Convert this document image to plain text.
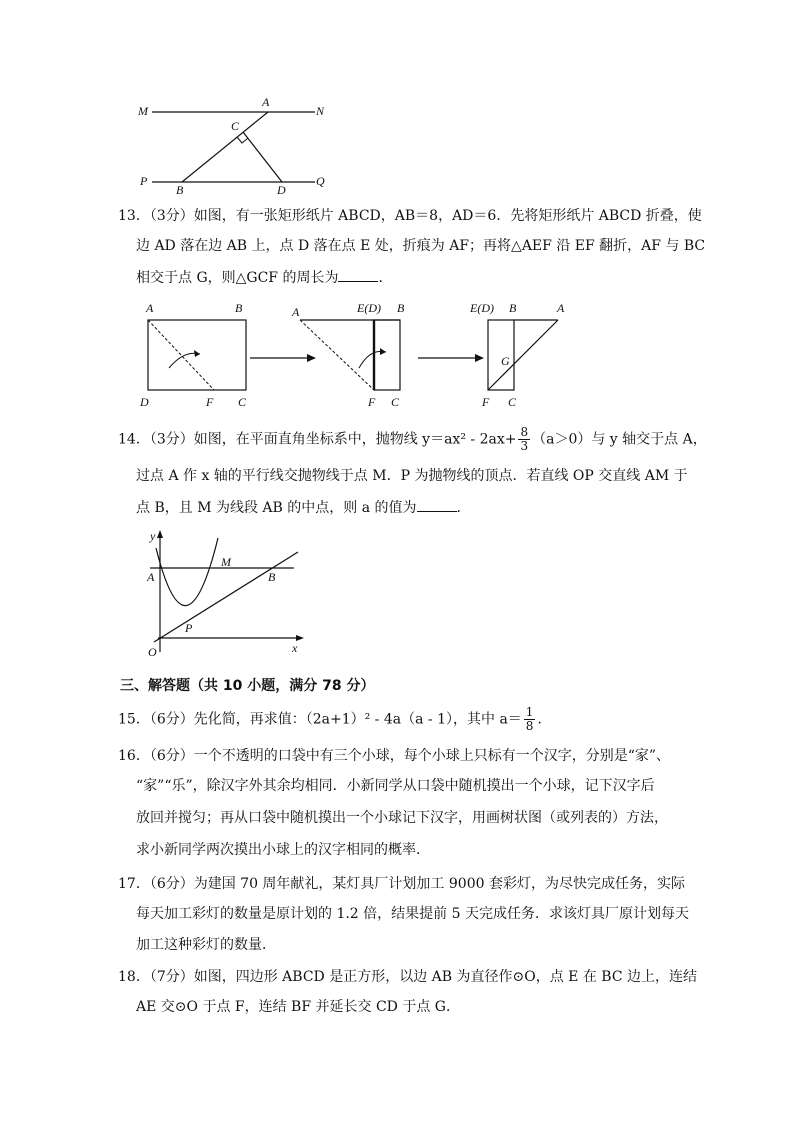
M
A
N
C
P
B	D
Q
13．（3分）如图，有一张矩形纸片 ABCD，AB＝8，AD＝6．先将矩形纸片 ABCD 折叠，使
边 AD 落在边 AB 上，点 D 落在点 E 处，折痕为 AF；再将△AEF 沿 EF 翻折，AF 与 BC
相交于点 G，则△GCF 的周长为	．
A	B
D	F C
A	E(D) B
F C
E(D) B	A
G
F C
14．（3分）如图，在平面直角坐标系中，抛物线 $y=ax^2 - 2ax+ \frac{8}{3} (a>0)$与 y 轴交于点 A，
过点 A 作 x 轴的平行线交抛物线于点 M．P 为抛物线的顶点．若直线 OP 交直线 AM 于
点 B，且 M 为线段 AB 的中点，则 a 的值为	．
y
A
M
B
P
O	x
三、解答题（共 10 小题，满分 78 分）
15．（6分）先化简，再求值：（2a+1）² - 4a（a - 1），其中 $a= \frac{1}{8}$ ．
16．（6分）一个不透明的口袋中有三个小球，每个小球上只标有一个汉字，分别是“家”、
“家”“乐”，除汉字外其余均相同．小新同学从口袋中随机摸出一个小球，记下汉字后
放回并搅匀；再从口袋中随机摸出一个小球记下汉字，用画树状图（或列表的）方法，
求小新同学两次摸出小球上的汉字相同的概率．
17．（6分）为建国 70 周年献礼，某灯具厂计划加工 9000 套彩灯，为尽快完成任务，实际
每天加工彩灯的数量是原计划的 1.2 倍，结果提前 5 天完成任务．求该灯具厂原计划每天
加工这种彩灯的数量．
18．（7分）如图，四边形 ABCD 是正方形，以边 AB 为直径作⊙O，点 E 在 BC 边上，连结
AE 交⊙O 于点 F，连结 BF 并延长交 CD 于点 G．
